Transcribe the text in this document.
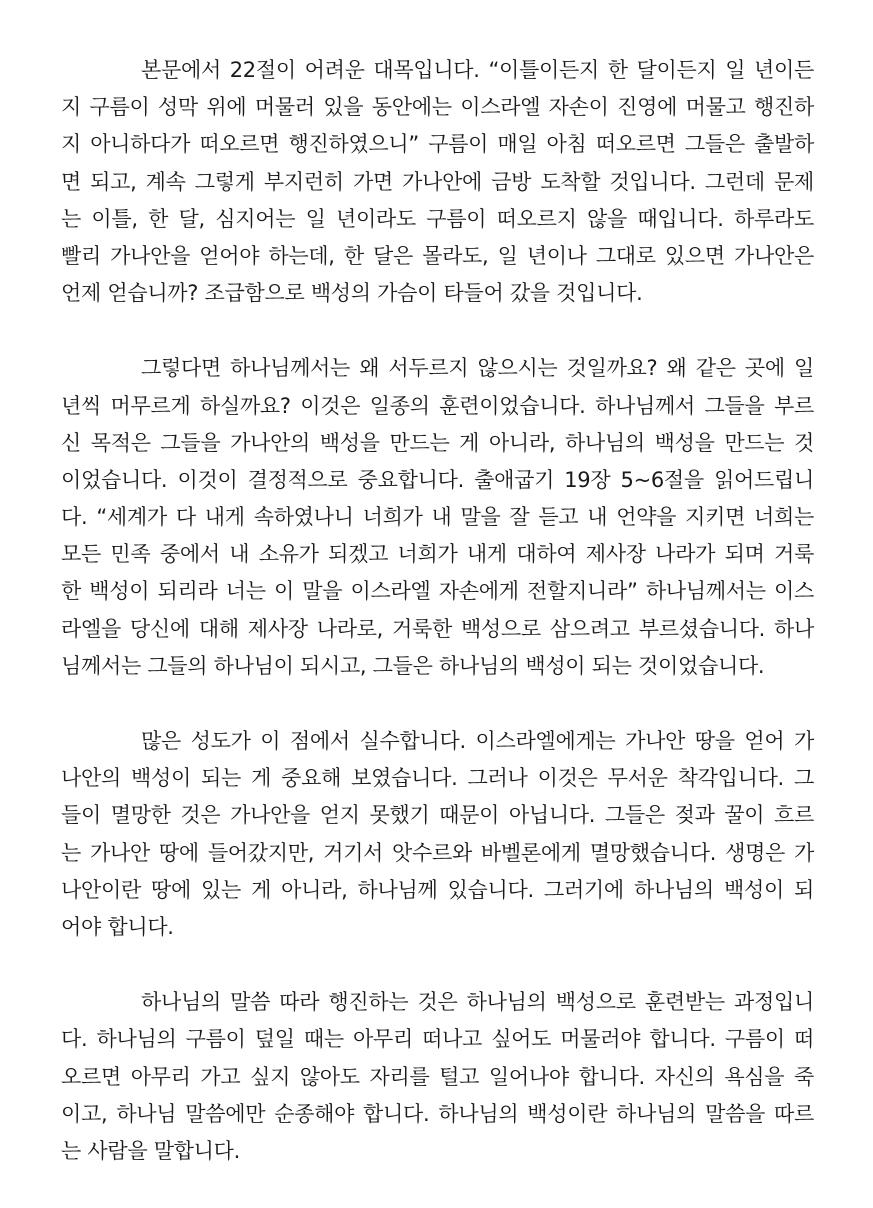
본문에서 22절이 어려운 대목입니다. “이틀이든지 한 달이든지 일 년이든
지 구름이 성막 위에 머물러 있을 동안에는 이스라엘 자손이 진영에 머물고 행진하
지 아니하다가 떠오르면 행진하였으니” 구름이 매일 아침 떠오르면 그들은 출발하
면 되고, 계속 그렇게 부지런히 가면 가나안에 금방 도착할 것입니다. 그런데 문제
는 이틀, 한 달, 심지어는 일 년이라도 구름이 떠오르지 않을 때입니다. 하루라도
빨리 가나안을 얻어야 하는데, 한 달은 몰라도, 일 년이나 그대로 있으면 가나안은
언제 얻습니까? 조급함으로 백성의 가슴이 타들어 갔을 것입니다.
그렇다면 하나님께서는 왜 서두르지 않으시는 것일까요? 왜 같은 곳에 일
년씩 머무르게 하실까요? 이것은 일종의 훈련이었습니다. 하나님께서 그들을 부르
신 목적은 그들을 가나안의 백성을 만드는 게 아니라, 하나님의 백성을 만드는 것
이었습니다. 이것이 결정적으로 중요합니다. 출애굽기 19장 5~6절을 읽어드립니
다. “세계가 다 내게 속하였나니 너희가 내 말을 잘 듣고 내 언약을 지키면 너희는
모든 민족 중에서 내 소유가 되겠고 너희가 내게 대하여 제사장 나라가 되며 거룩
한 백성이 되리라 너는 이 말을 이스라엘 자손에게 전할지니라” 하나님께서는 이스
라엘을 당신에 대해 제사장 나라로, 거룩한 백성으로 삼으려고 부르셨습니다. 하나
님께서는 그들의 하나님이 되시고, 그들은 하나님의 백성이 되는 것이었습니다.
많은 성도가 이 점에서 실수합니다. 이스라엘에게는 가나안 땅을 얻어 가
나안의 백성이 되는 게 중요해 보였습니다. 그러나 이것은 무서운 착각입니다. 그
들이 멸망한 것은 가나안을 얻지 못했기 때문이 아닙니다. 그들은 젖과 꿀이 흐르
는 가나안 땅에 들어갔지만, 거기서 앗수르와 바벨론에게 멸망했습니다. 생명은 가
나안이란 땅에 있는 게 아니라, 하나님께 있습니다. 그러기에 하나님의 백성이 되
어야 합니다.
하나님의 말씀 따라 행진하는 것은 하나님의 백성으로 훈련받는 과정입니
다. 하나님의 구름이 덮일 때는 아무리 떠나고 싶어도 머물러야 합니다. 구름이 떠
오르면 아무리 가고 싶지 않아도 자리를 털고 일어나야 합니다. 자신의 욕심을 죽
이고, 하나님 말씀에만 순종해야 합니다. 하나님의 백성이란 하나님의 말씀을 따르
는 사람을 말합니다.
